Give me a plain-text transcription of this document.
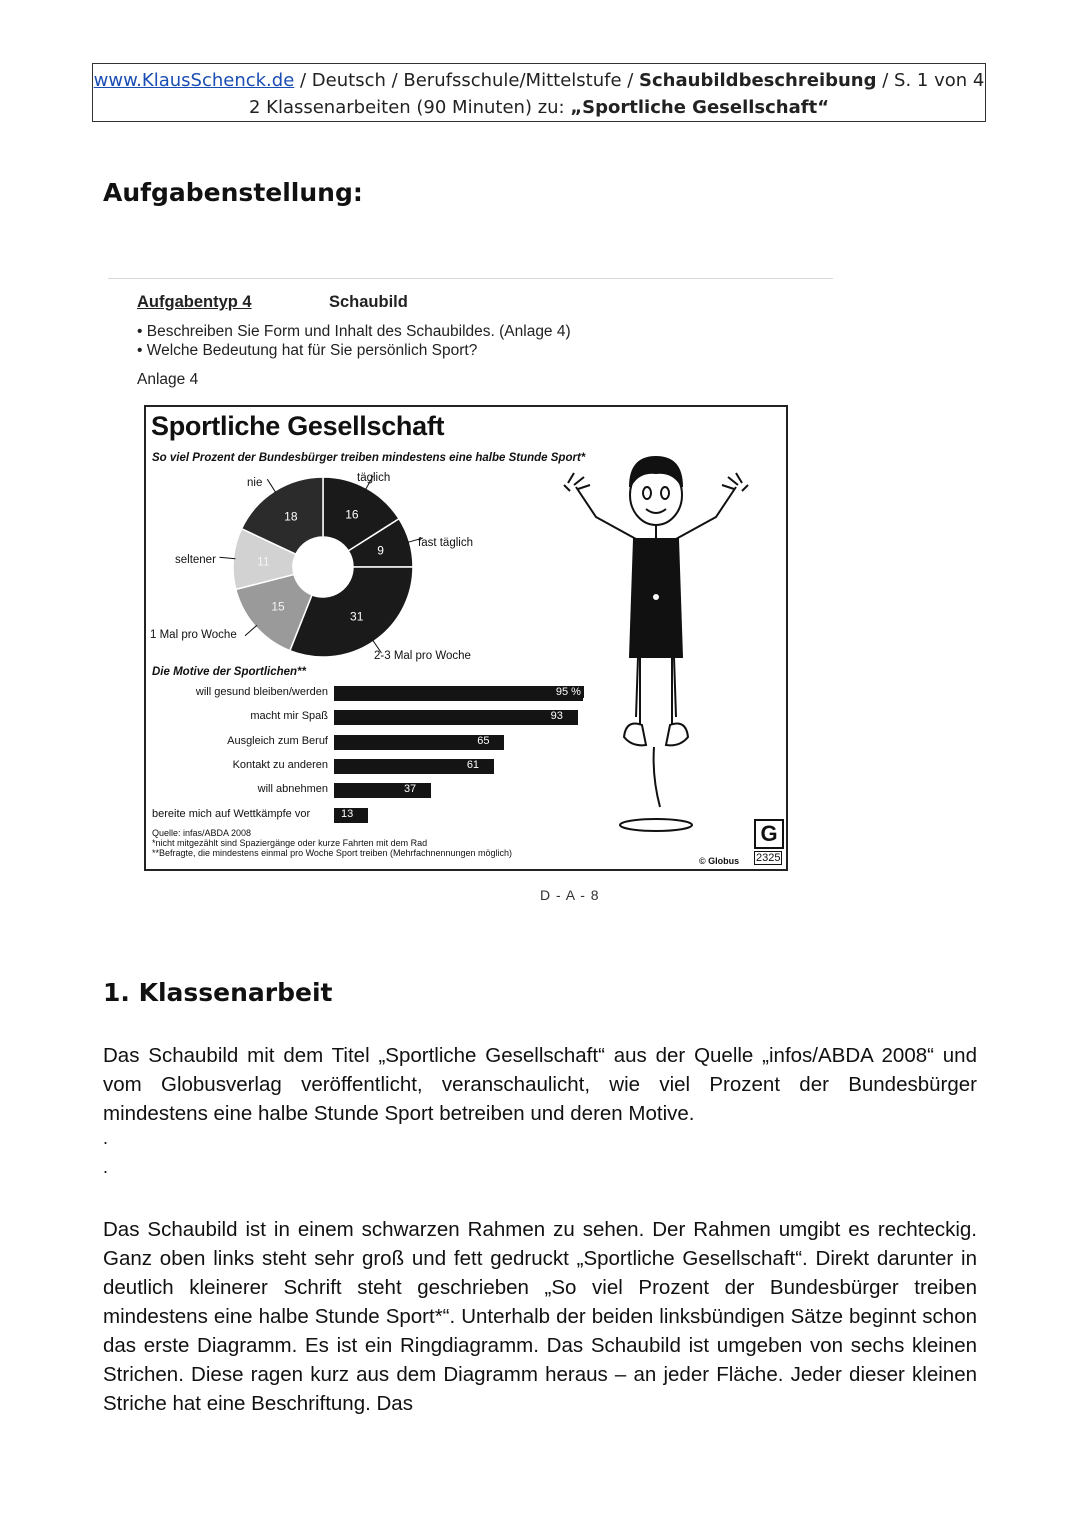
www.KlausSchenck.de / Deutsch / Berufsschule/Mittelstufe / Schaubildbeschreibung / S. 1 von 4
2 Klassenarbeiten (90 Minuten) zu: „Sportliche Gesellschaft“
Aufgabenstellung:
Aufgabentyp 4	Schaubild
• Beschreiben Sie Form und Inhalt des Schaubildes. (Anlage 4)
• Welche Bedeutung hat für Sie persönlich Sport?
Anlage 4
Sportliche Gesellschaft
So viel Prozent der Bundesbürger treiben mindestens eine halbe Stunde Sport*
16
9
31
15
11
18
täglich
fast täglich
2-3 Mal pro Woche
1 Mal pro Woche
seltener
nie
Die Motive der Sportlichen**
will gesund bleiben/werden	95 %
macht mir Spaß	93
Ausgleich zum Beruf	65
Kontakt zu anderen	61
will abnehmen	37
bereite mich auf Wettkämpfe vor	13
Quelle: infas/ABDA 2008
*nicht mitgezählt sind Spaziergänge oder kurze Fahrten mit dem Rad
**Befragte, die mindestens einmal pro Woche Sport treiben (Mehrfachnennungen möglich)
G
© Globus 2325
D - A - 8
1. Klassenarbeit

Das Schaubild mit dem Titel „Sportliche Gesellschaft“ aus der Quelle „infos/ABDA 2008“ und vom Globusverlag veröffentlicht, veranschaulicht, wie viel Prozent der Bundesbürger mindestens eine halbe Stunde Sport betreiben und deren Motive.

.
.

Das Schaubild ist in einem schwarzen Rahmen zu sehen. Der Rahmen umgibt es rechteckig. Ganz oben links steht sehr groß und fett gedruckt „Sportliche Gesellschaft“. Direkt darunter in deutlich kleinerer Schrift steht geschrieben „So viel Prozent der Bundesbürger treiben mindestens eine halbe Stunde Sport*“. Unterhalb der beiden linksbündigen Sätze beginnt schon das erste Diagramm. Es ist ein Ringdiagramm. Das Schaubild ist umgeben von sechs kleinen Strichen. Diese ragen kurz aus dem Diagramm heraus – an jeder Fläche. Jeder dieser kleinen Striche hat eine Beschriftung. Das
